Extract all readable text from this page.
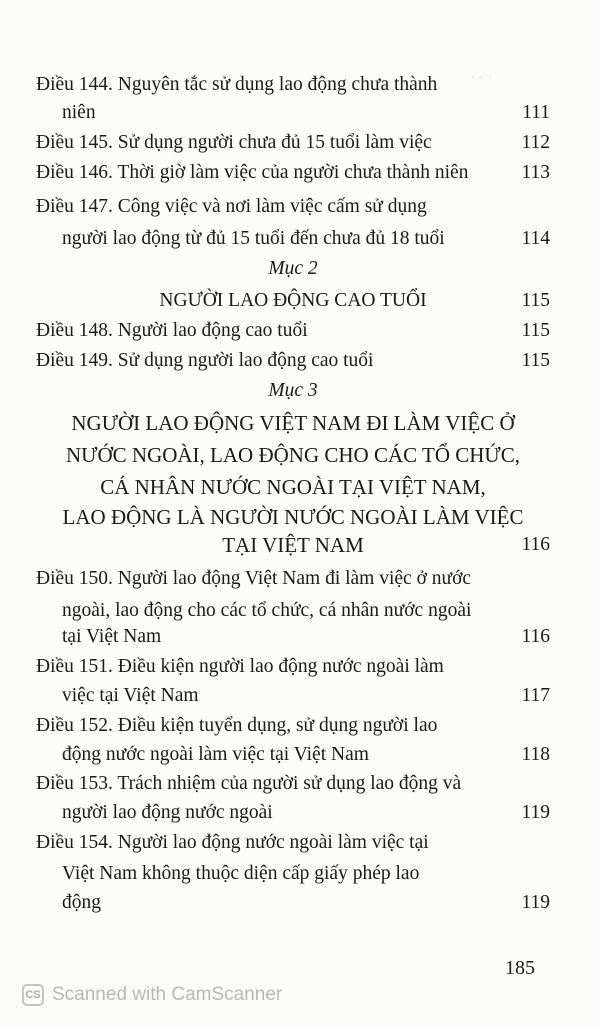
· · ·
Điều 144. Nguyên tắc sử dụng lao động chưa thành
niên	111
Điều 145. Sử dụng người chưa đủ 15 tuổi làm việc	112
Điều 146. Thời giờ làm việc của người chưa thành niên	113
Điều 147. Công việc và nơi làm việc cấm sử dụng
người lao động từ đủ 15 tuổi đến chưa đủ 18 tuổi	114
Mục 2
NGƯỜI LAO ĐỘNG CAO TUỔI	115
Điều 148. Người lao động cao tuổi	115
Điều 149. Sử dụng người lao động cao tuổi	115
Mục 3
NGƯỜI LAO ĐỘNG VIỆT NAM ĐI LÀM VIỆC Ở
NƯỚC NGOÀI, LAO ĐỘNG CHO CÁC TỔ CHỨC,
CÁ NHÂN NƯỚC NGOÀI TẠI VIỆT NAM,
LAO ĐỘNG LÀ NGƯỜI NƯỚC NGOÀI LÀM VIỆC
TẠI VIỆT NAM	116
Điều 150. Người lao động Việt Nam đi làm việc ở nước
ngoài, lao động cho các tổ chức, cá nhân nước ngoài
tại Việt Nam	116
Điều 151. Điều kiện người lao động nước ngoài làm
việc tại Việt Nam	117
Điều 152. Điều kiện tuyển dụng, sử dụng người lao
động nước ngoài làm việc tại Việt Nam	118
Điều 153. Trách nhiệm của người sử dụng lao động và
người lao động nước ngoài	119
Điều 154. Người lao động nước ngoài làm việc tại
Việt Nam không thuộc diện cấp giấy phép lao
động	119
185
CS Scanned with CamScanner
